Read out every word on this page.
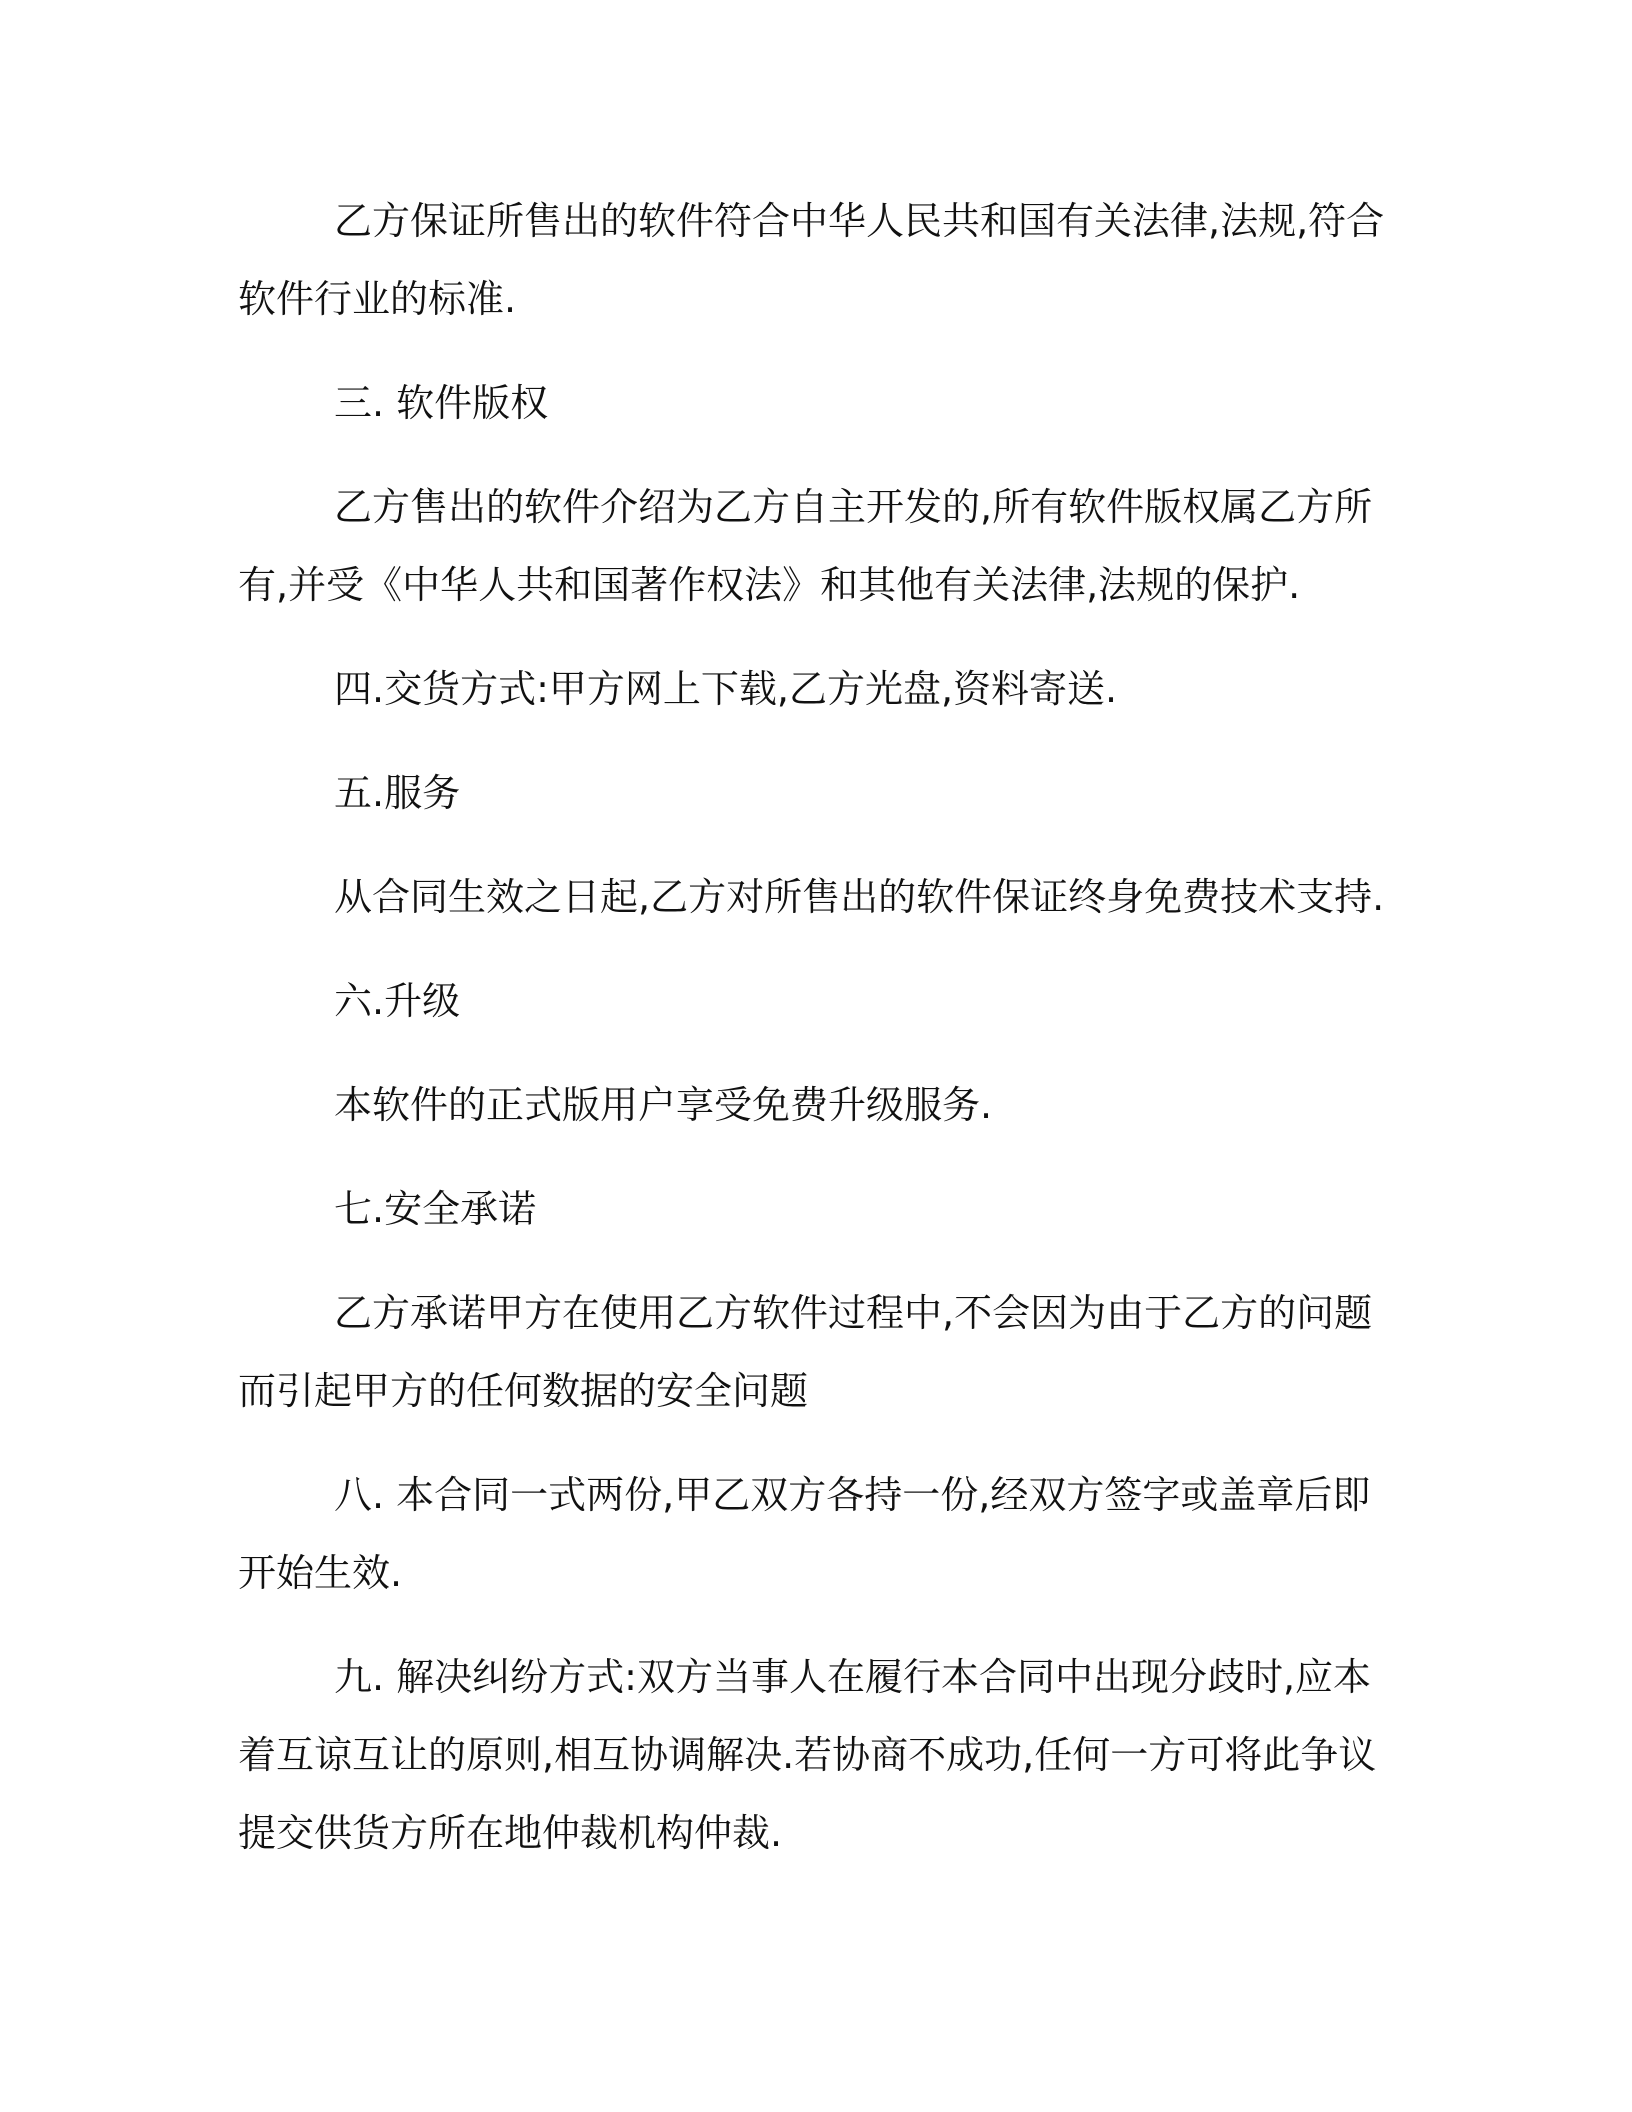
乙方保证所售出的软件符合中华人民共和国有关法律,法规,符合软件行业的标准.

三. 软件版权

乙方售出的软件介绍为乙方自主开发的,所有软件版权属乙方所有,并受《中华人共和国著作权法》和其他有关法律,法规的保护.

四.交货方式:甲方网上下载,乙方光盘,资料寄送.

五.服务

从合同生效之日起,乙方对所售出的软件保证终身免费技术支持.

六.升级

本软件的正式版用户享受免费升级服务.

七.安全承诺

乙方承诺甲方在使用乙方软件过程中,不会因为由于乙方的问题而引起甲方的任何数据的安全问题

八. 本合同一式两份,甲乙双方各持一份,经双方签字或盖章后即开始生效.

九. 解决纠纷方式:双方当事人在履行本合同中出现分歧时,应本着互谅互让的原则,相互协调解决.若协商不成功,任何一方可将此争议提交供货方所在地仲裁机构仲裁.
